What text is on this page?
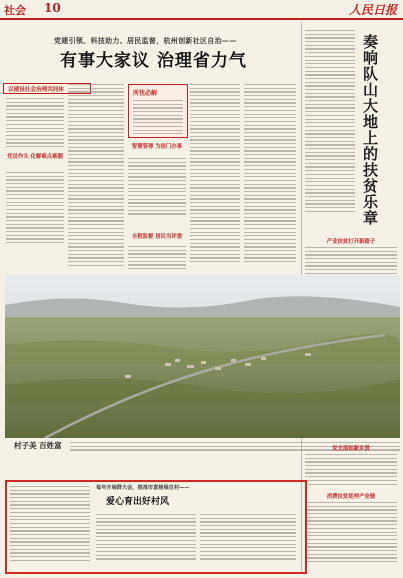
社会 10	人民日报
党建引领、科技助力、居民监督，杭州创新社区自治——
有事大家议 治理省力气
以建设社会治理共同体
党员作头 化解难点难题
所忧必解
智慧管理 为居门办事
全程监督 居民当评委
奏响队山大地上的扶贫乐章
产业扶贫打开新路子
村子美 百姓富	党支部和新乡贤
消费扶贫延伸产业链
每年开展群大会，推准市意接展自村——
爱心育出好村风
